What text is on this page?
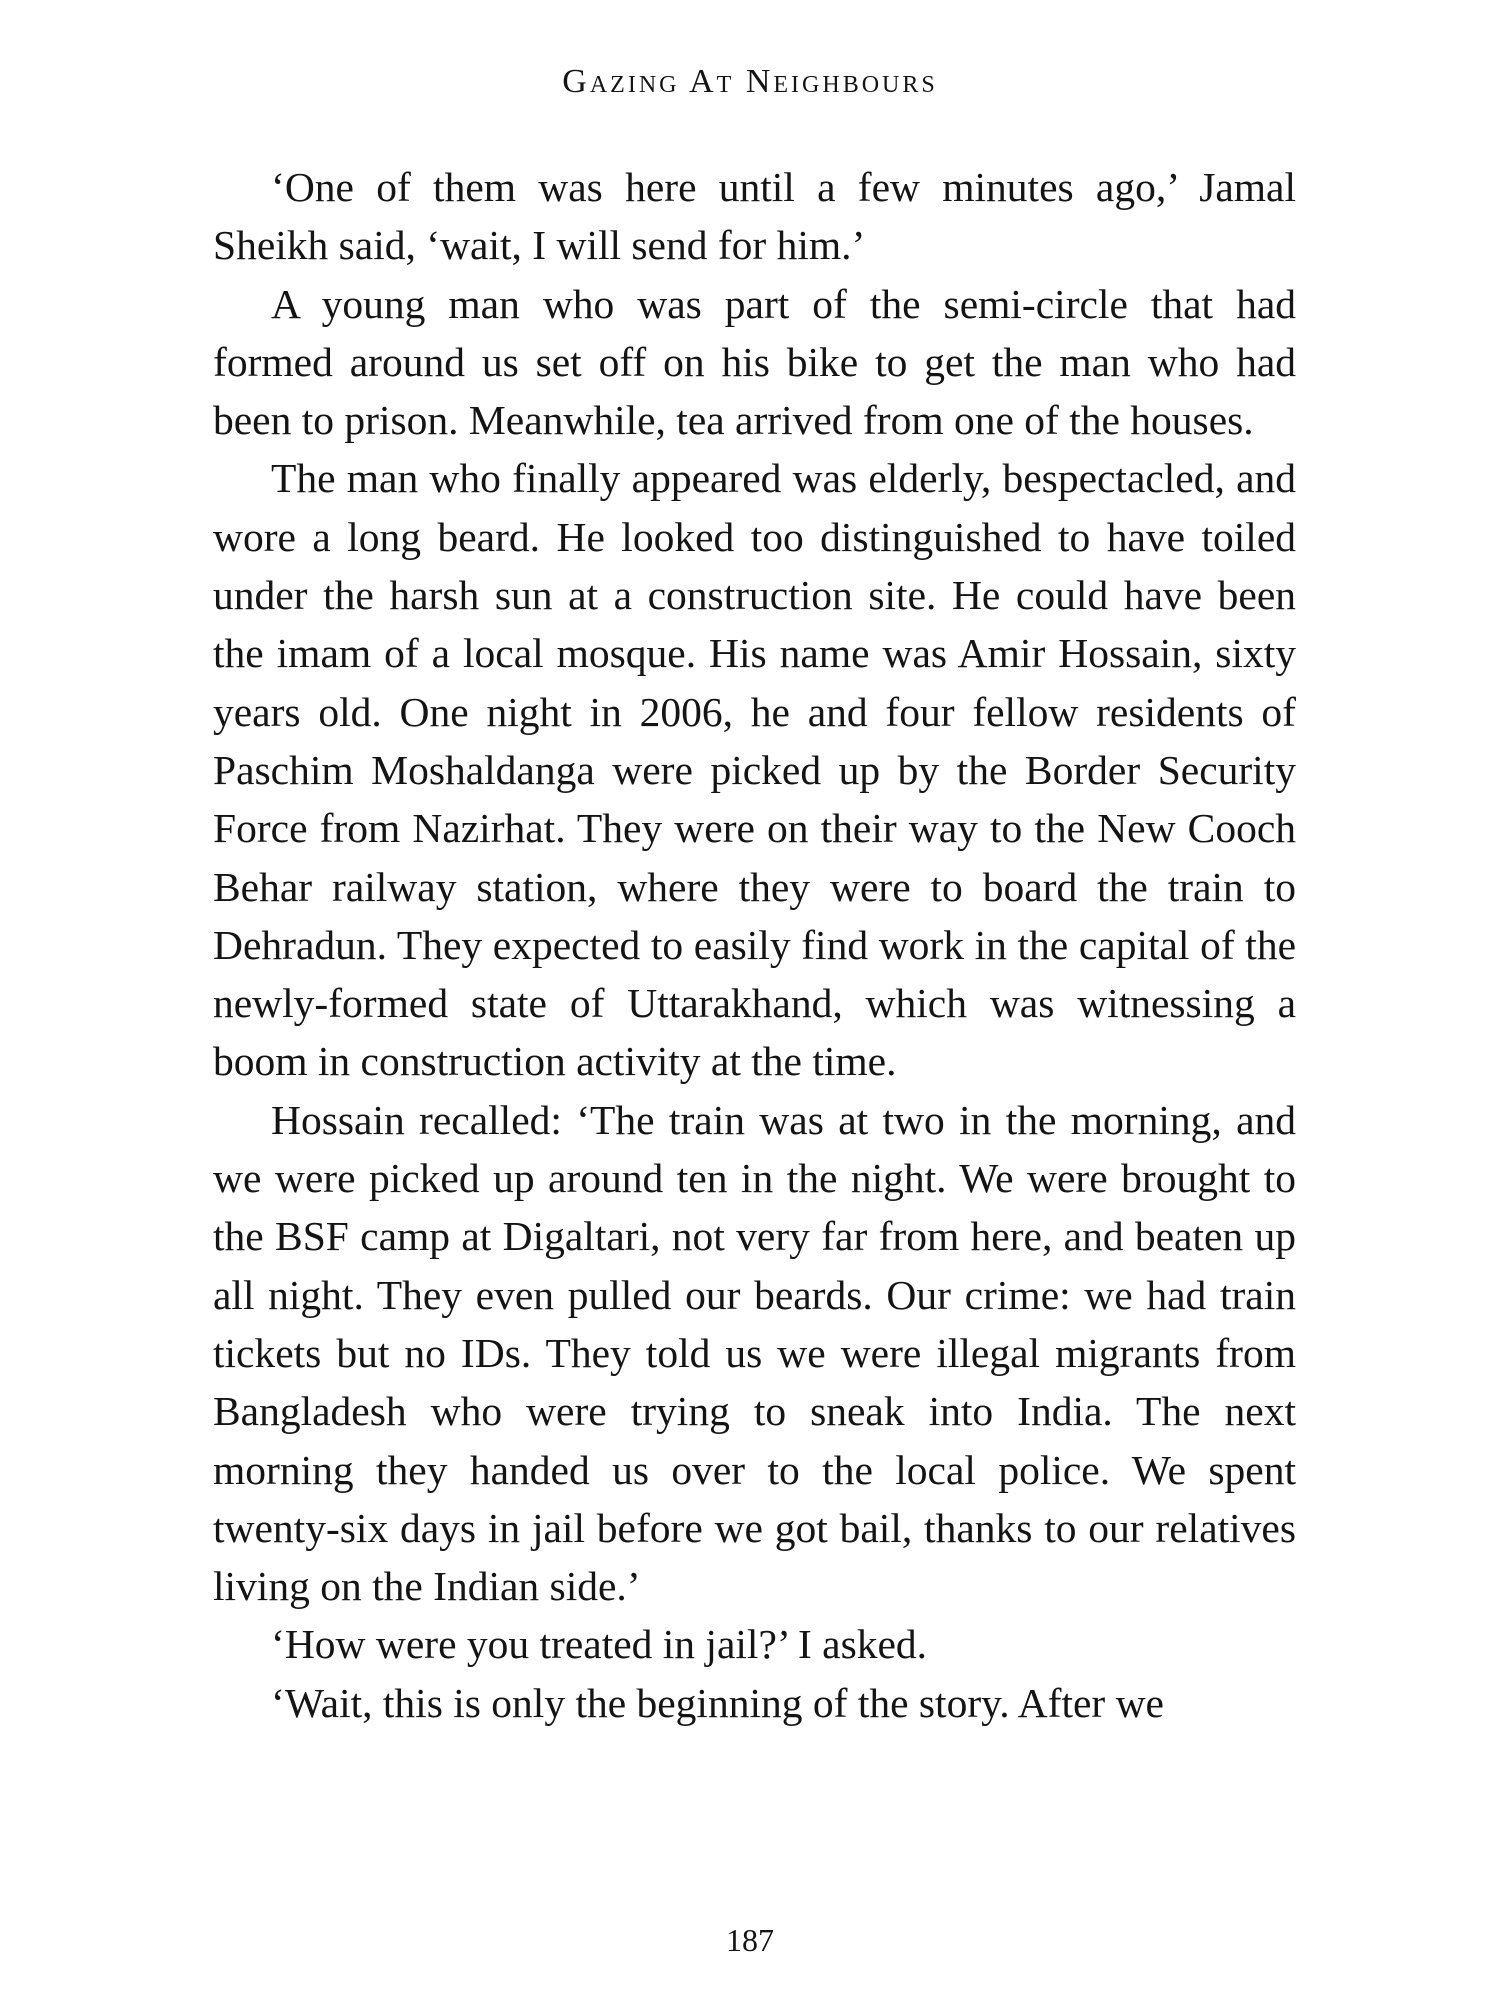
Gazing At Neighbours

‘One of them was here until a few minutes ago,’ Jamal Sheikh said, ‘wait, I will send for him.’

A young man who was part of the semi-circle that had formed around us set off on his bike to get the man who had been to prison. Meanwhile, tea arrived from one of the houses.

The man who finally appeared was elderly, bespectacled, and wore a long beard. He looked too distinguished to have toiled under the harsh sun at a construction site. He could have been the imam of a local mosque. His name was Amir Hossain, sixty years old. One night in 2006, he and four fellow residents of Paschim Moshaldanga were picked up by the Border Security Force from Nazirhat. They were on their way to the New Cooch Behar railway station, where they were to board the train to Dehradun. They expected to easily find work in the capital of the newly-formed state of Uttarakhand, which was witnessing a boom in construction activity at the time.

Hossain recalled: ‘The train was at two in the morning, and we were picked up around ten in the night. We were brought to the BSF camp at Digaltari, not very far from here, and beaten up all night. They even pulled our beards. Our crime: we had train tickets but no IDs. They told us we were illegal migrants from Bangladesh who were trying to sneak into India. The next morning they handed us over to the local police. We spent twenty-six days in jail before we got bail, thanks to our relatives living on the Indian side.’

‘How were you treated in jail?’ I asked.

‘Wait, this is only the beginning of the story. After we

187
